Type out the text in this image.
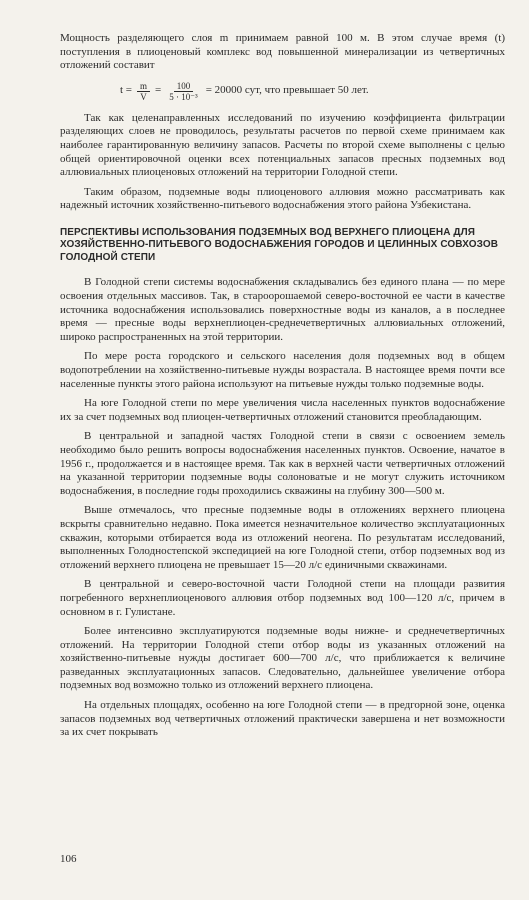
Мощность разделяющего слоя m принимаем равной 100 м. В этом случае время (t) поступления в плиоценовый комплекс вод повышенной минерализации из четвертичных отложений составит

$t = \frac{m}{V} = \frac{100}{\text{5 · 10⁻³}} = 20000$ сут, что превышает 50 лет.

Так как целенаправленных исследований по изучению коэффициента фильтрации разделяющих слоев не проводилось, результаты расчетов по первой схеме принимаем как наиболее гарантированную величину запасов. Расчеты по второй схеме выполнены с целью общей ориентировочной оценки всех потенциальных запасов пресных подземных вод аллювиальных плиоценовых отложений на территории Голодной степи.

Таким образом, подземные воды плиоценового аллювия можно рассматривать как надежный источник хозяйственно-питьевого водоснабжения этого района Узбекистана.

ПЕРСПЕКТИВЫ ИСПОЛЬЗОВАНИЯ ПОДЗЕМНЫХ ВОД ВЕРХНЕГО ПЛИОЦЕНА ДЛЯ ХОЗЯЙСТВЕННО-ПИТЬЕВОГО ВОДОСНАБЖЕНИЯ ГОРОДОВ И ЦЕЛИННЫХ СОВХОЗОВ ГОЛОДНОЙ СТЕПИ

В Голодной степи системы водоснабжения складывались без единого плана — по мере освоения отдельных массивов. Так, в староорошаемой северо-восточной ее части в качестве источника водоснабжения использовались поверхностные воды из каналов, а в последнее время — пресные воды верхнеплиоцен-среднечетвертичных аллювиальных отложений, широко распространенных на этой территории.

По мере роста городского и сельского населения доля подземных вод в общем водопотреблении на хозяйственно-питьевые нужды возрастала. В настоящее время почти все населенные пункты этого района используют на питьевые нужды только подземные воды.

На юге Голодной степи по мере увеличения числа населенных пунктов водоснабжение их за счет подземных вод плиоцен-четвертичных отложений становится преобладающим.

В центральной и западной частях Голодной степи в связи с освоением земель необходимо было решить вопросы водоснабжения населенных пунктов. Освоение, начатое в 1956 г., продолжается и в настоящее время. Так как в верхней части четвертичных отложений на указанной территории подземные воды солоноватые и не могут служить источником водоснабжения, в последние годы проходились скважины на глубину 300—500 м.

Выше отмечалось, что пресные подземные воды в отложениях верхнего плиоцена вскрыты сравнительно недавно. Пока имеется незначительное количество эксплуатационных скважин, которыми отбирается вода из отложений неогена. По результатам исследований, выполненных Голодностепской экспедицией на юге Голодной степи, отбор подземных вод из отложений верхнего плиоцена не превышает 15—20 л/с единичными скважинами.

В центральной и северо-восточной части Голодной степи на площади развития погребенного верхнеплиоценового аллювия отбор подземных вод 100—120 л/с, причем в основном в г. Гулистане.

Более интенсивно эксплуатируются подземные воды нижне- и среднечетвертичных отложений. На территории Голодной степи отбор воды из указанных отложений на хозяйственно-питьевые нужды достигает 600—700 л/с, что приближается к величине разведанных эксплуатационных запасов. Следовательно, дальнейшее увеличение отбора подземных вод возможно только из отложений верхнего плиоцена.

На отдельных площадях, особенно на юге Голодной степи — в предгорной зоне, оценка запасов подземных вод четвертичных отложений практически завершена и нет возможности за их счет покрывать

106
